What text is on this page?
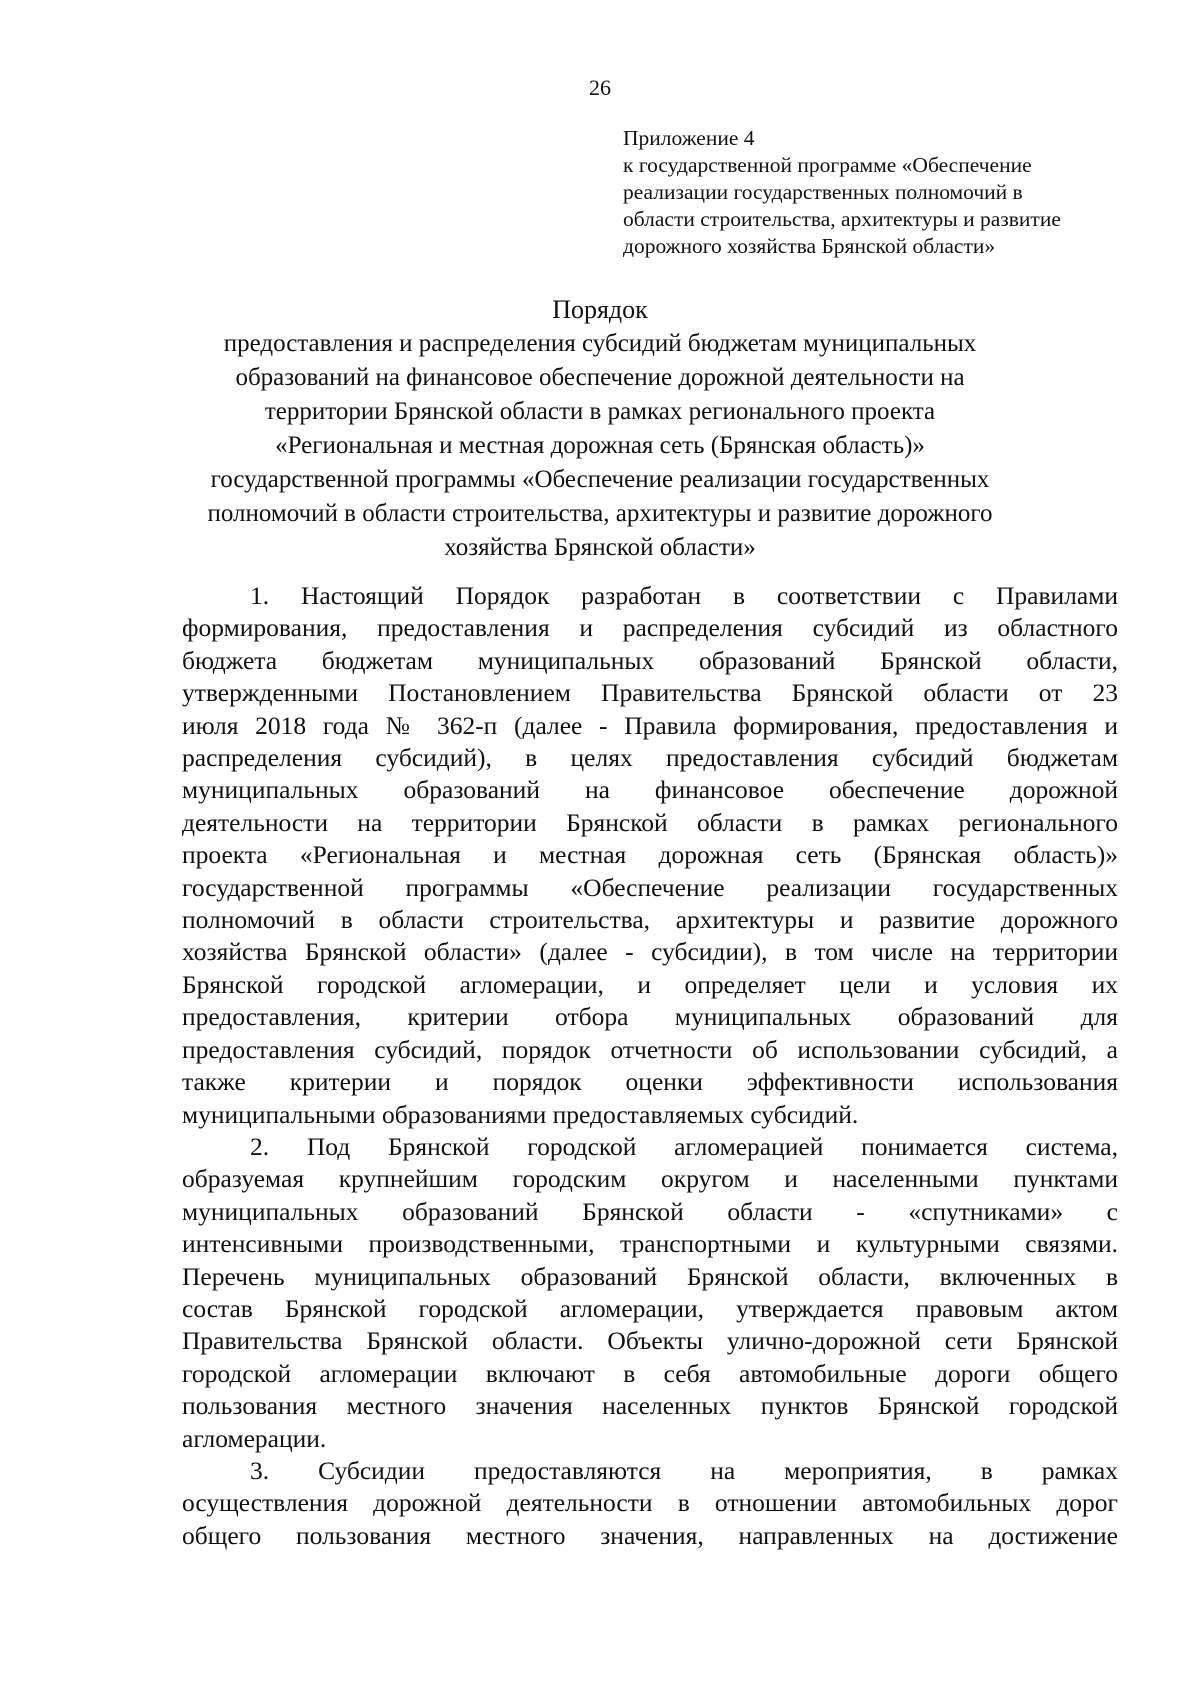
26
Приложение 4
к государственной программе «Обеспечение
реализации государственных полномочий в
области строительства, архитектуры и развитие
дорожного хозяйства Брянской области»
Порядок
предоставления и распределения субсидий бюджетам муниципальных
образований на финансовое обеспечение дорожной деятельности на
территории Брянской области в рамках регионального проекта
«Региональная и местная дорожная сеть (Брянская область)»
государственной программы «Обеспечение реализации государственных
полномочий в области строительства, архитектуры и развитие дорожного
хозяйства Брянской области»
1. Настоящий Порядок разработан в соответствии с Правилами
формирования, предоставления и распределения субсидий из областного
бюджета бюджетам муниципальных образований Брянской области,
утвержденными Постановлением Правительства Брянской области от 23
июля 2018 года № 362-п (далее - Правила формирования, предоставления и
распределения субсидий), в целях предоставления субсидий бюджетам
муниципальных образований на финансовое обеспечение дорожной
деятельности на территории Брянской области в рамках регионального
проекта «Региональная и местная дорожная сеть (Брянская область)»
государственной программы «Обеспечение реализации государственных
полномочий в области строительства, архитектуры и развитие дорожного
хозяйства Брянской области» (далее - субсидии), в том числе на территории
Брянской городской агломерации, и определяет цели и условия их
предоставления, критерии отбора муниципальных образований для
предоставления субсидий, порядок отчетности об использовании субсидий, а
также критерии и порядок оценки эффективности использования
муниципальными образованиями предоставляемых субсидий.
2. Под Брянской городской агломерацией понимается система,
образуемая крупнейшим городским округом и населенными пунктами
муниципальных образований Брянской области - «спутниками» с
интенсивными производственными, транспортными и культурными связями.
Перечень муниципальных образований Брянской области, включенных в
состав Брянской городской агломерации, утверждается правовым актом
Правительства Брянской области. Объекты улично-дорожной сети Брянской
городской агломерации включают в себя автомобильные дороги общего
пользования местного значения населенных пунктов Брянской городской
агломерации.
3. Субсидии предоставляются на мероприятия, в рамках
осуществления дорожной деятельности в отношении автомобильных дорог
общего пользования местного значения, направленных на достижение
